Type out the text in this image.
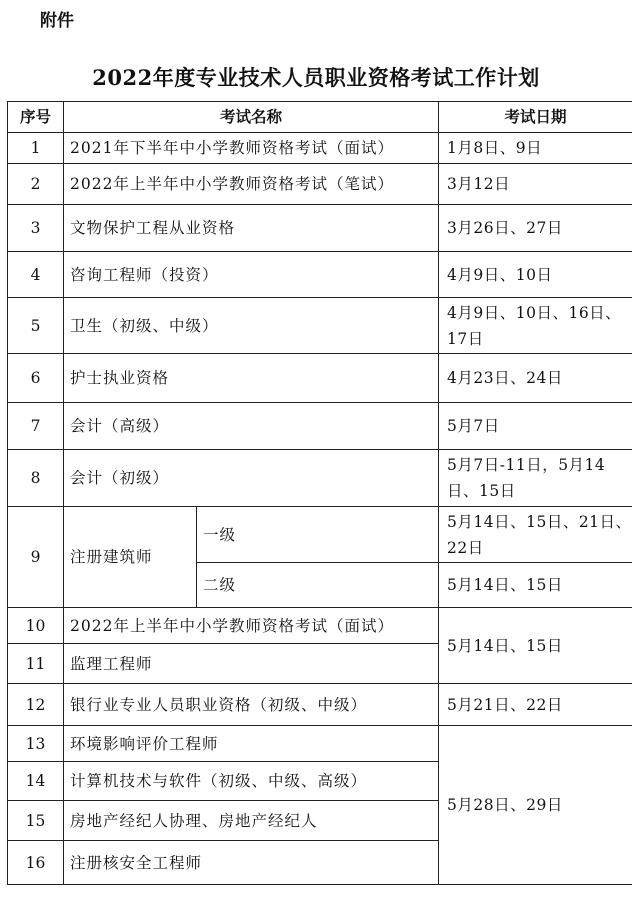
附件
2022年度专业技术人员职业资格考试工作计划
序号	考试名称		考试日期
1	2021年下半年中小学教师资格考试（面试）		1月8日、9日
2	2022年上半年中小学教师资格考试（笔试）		3月12日
3	文物保护工程从业资格		3月26日、27日
4	咨询工程师（投资）		4月9日、10日
5	卫生（初级、中级）		4月9日、10日、16日、17日
6	护士执业资格		4月23日、24日
7	会计（高级）		5月7日
8	会计（初级）		5月7日-11日，5月14日、15日
9	注册建筑师	一级	5月14日、15日、21日、22日
		二级	5月14日、15日
10	2022年上半年中小学教师资格考试（面试）		5月14日、15日
11	监理工程师		
12	银行业专业人员职业资格（初级、中级）		5月21日、22日
13	环境影响评价工程师		5月28日、29日
14	计算机技术与软件（初级、中级、高级）		
15	房地产经纪人协理、房地产经纪人		
16	注册核安全工程师		
